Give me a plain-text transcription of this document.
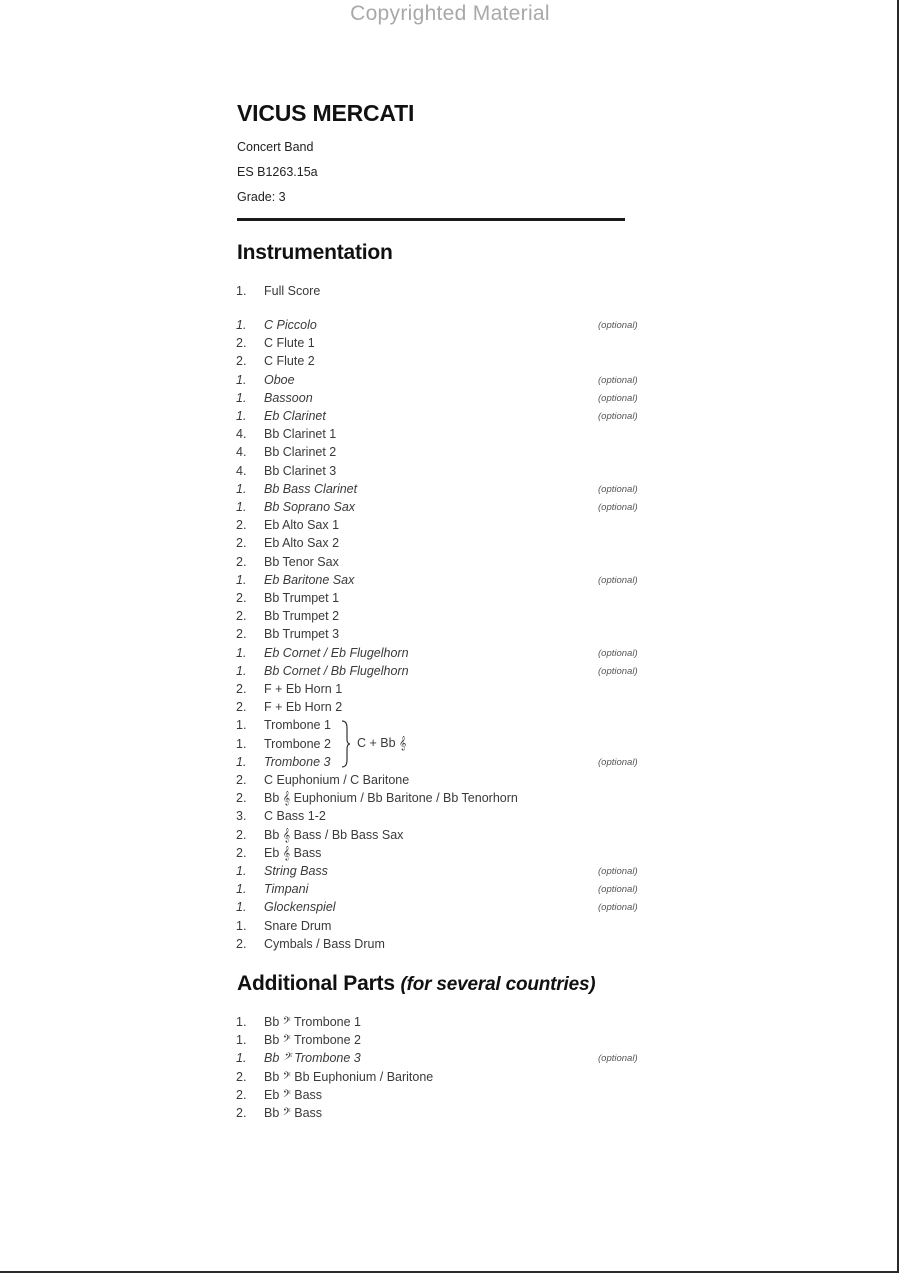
Copyrighted Material
VICUS MERCATI
Concert Band
ES B1263.15a
Grade: 3
Instrumentation
1. Full Score
1. C Piccolo	(optional)
2. C Flute 1
2. C Flute 2
1. Oboe	(optional)
1. Bassoon	(optional)
1. Eb Clarinet	(optional)
4. Bb Clarinet 1
4. Bb Clarinet 2
4. Bb Clarinet 3
1. Bb Bass Clarinet	(optional)
1. Bb Soprano Sax	(optional)
2. Eb Alto Sax 1
2. Eb Alto Sax 2
2. Bb Tenor Sax
1. Eb Baritone Sax	(optional)
2. Bb Trumpet 1
2. Bb Trumpet 2
2. Bb Trumpet 3
1. Eb Cornet / Eb Flugelhorn	(optional)
1. Bb Cornet / Bb Flugelhorn	(optional)
2. F + Eb Horn 1
2. F + Eb Horn 2
1. Trombone 1
1. Trombone 2
1. Trombone 3	(optional)
2. C Euphonium / C Baritone
2. Bb 𝄞 Euphonium / Bb Baritone / Bb Tenorhorn
3. C Bass 1-2
2. Bb 𝄞 Bass / Bb Bass Sax
2. Eb 𝄞 Bass
1. String Bass	(optional)
1. Timpani	(optional)
1. Glockenspiel	(optional)
1. Snare Drum
2. Cymbals / Bass Drum
C + Bb 𝄞
Additional Parts (for several countries)
1. Bb 𝄢 Trombone 1
1. Bb 𝄢 Trombone 2
1. Bb 𝄢 Trombone 3	(optional)
2. Bb 𝄢 Bb Euphonium / Baritone
2. Eb 𝄢 Bass
2. Bb 𝄢 Bass
